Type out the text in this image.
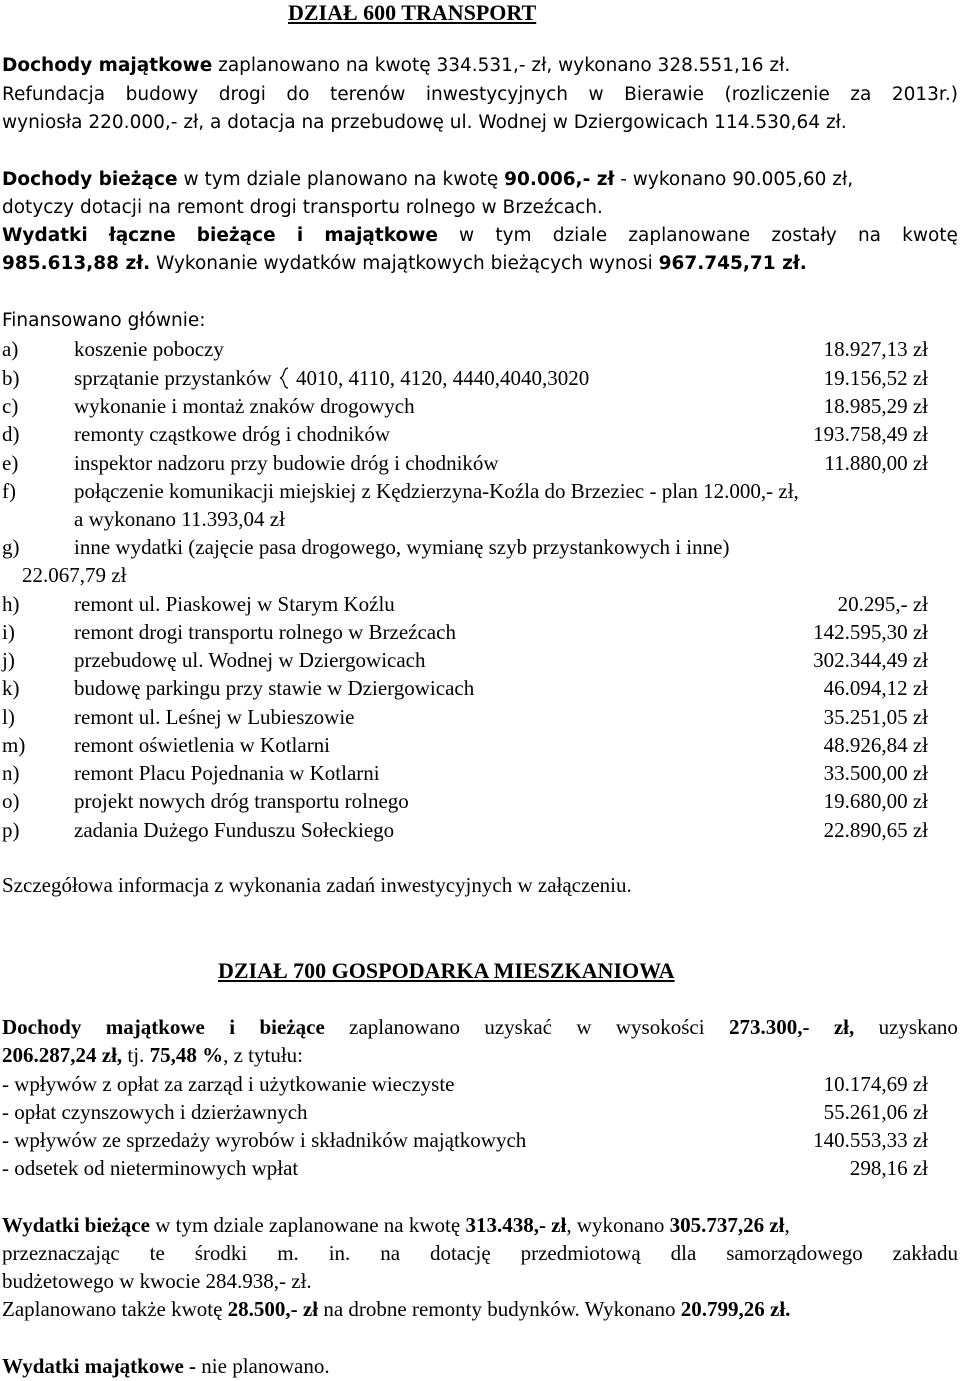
DZIAŁ 600 TRANSPORT
Dochody majątkowe zaplanowano na kwotę 334.531,- zł, wykonano 328.551,16 zł.
Refundacja budowy drogi do terenów inwestycyjnych w Bierawie (rozliczenie za 2013r.)
wyniosła 220.000,- zł, a dotacja na przebudowę ul. Wodnej w Dziergowicach 114.530,64 zł.
Dochody bieżące w tym dziale planowano na kwotę 90.006,- zł - wykonano 90.005,60 zł,
dotyczy dotacji na remont drogi transportu rolnego w Brzeźcach.
Wydatki łączne bieżące i majątkowe w tym dziale zaplanowane zostały na kwotę
985.613,88 zł. Wykonanie wydatków majątkowych bieżących wynosi 967.745,71 zł.
Finansowano głównie:
a)	koszenie poboczy	18.927,13 zł
b)	sprzątanie przystanków	4010, 4110, 4120, 4440,4040,3020	19.156,52 zł
c)	wykonanie i montaż znaków drogowych	18.985,29 zł
d)	remonty cząstkowe dróg i chodników	193.758,49 zł
e)	inspektor nadzoru przy budowie dróg i chodników	11.880,00 zł
f)	połączenie komunikacji miejskiej z Kędzierzyna-Koźla do Brzeziec - plan 12.000,- zł,
a wykonano 11.393,04 zł
g)	inne wydatki (zajęcie pasa drogowego, wymianę szyb przystankowych i inne)
22.067,79 zł
h)	remont ul. Piaskowej w Starym Koźlu	20.295,- zł
i)	remont drogi transportu rolnego w Brzeźcach	142.595,30 zł
j)	przebudowę ul. Wodnej w Dziergowicach	302.344,49 zł
k)	budowę parkingu przy stawie w Dziergowicach	46.094,12 zł
l)	remont ul. Leśnej w Lubieszowie	35.251,05 zł
m) remont oświetlenia w Kotlarni	48.926,84 zł
n)	remont Placu Pojednania w Kotlarni	33.500,00 zł
o)	projekt nowych dróg transportu rolnego	19.680,00 zł
p)	zadania Dużego Funduszu Sołeckiego	22.890,65 zł
Szczegółowa informacja z wykonania zadań inwestycyjnych w załączeniu.
DZIAŁ 700 GOSPODARKA MIESZKANIOWA
Dochody majątkowe i bieżące zaplanowano uzyskać w wysokości 273.300,- zł, uzyskano
206.287,24 zł, tj. 75,48 %, z tytułu:
- wpływów z opłat za zarząd i użytkowanie wieczyste	10.174,69 zł
- opłat czynszowych i dzierżawnych	55.261,06 zł
- wpływów ze sprzedaży wyrobów i składników majątkowych	140.553,33 zł
- odsetek od nieterminowych wpłat	298,16 zł
Wydatki bieżące w tym dziale zaplanowane na kwotę 313.438,- zł, wykonano 305.737,26 zł,
przeznaczając te środki m. in. na dotację przedmiotową dla samorządowego zakładu
budżetowego w kwocie 284.938,- zł.
Zaplanowano także kwotę 28.500,- zł na drobne remonty budynków. Wykonano 20.799,26 zł.
Wydatki majątkowe - nie planowano.
